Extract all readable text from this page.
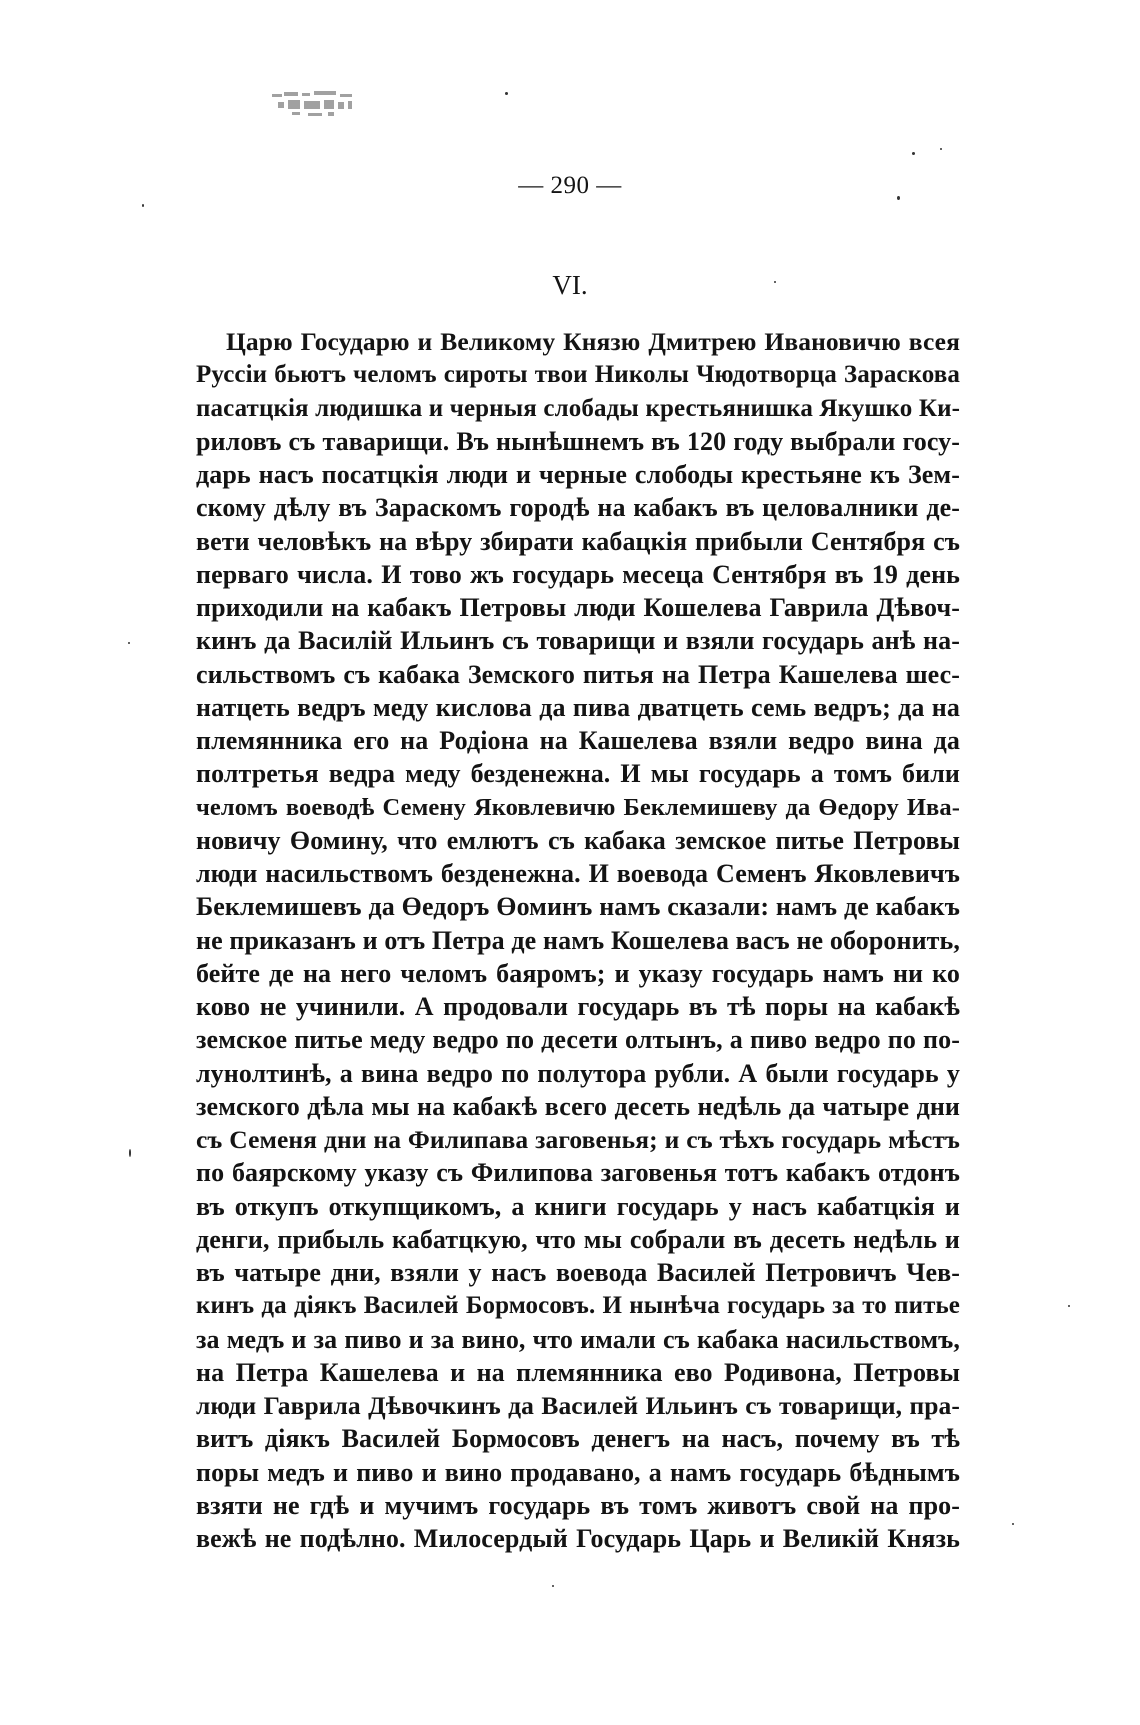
— 290 —
VI.
Царю Государю и Великому Князю Дмитрею Ивановичю всея
Руссіи бьютъ челомъ сироты твои Николы Чюдотворца Зараскова
пасатцкія людишка и черныя слобады крестьянишка Якушко Ки-
риловъ съ таварищи. Въ нынѣшнемъ въ 120 году выбрали госу-
дарь насъ посатцкія люди и черные слободы крестьяне къ Зем-
скому дѣлу въ Зараскомъ городѣ на кабакъ въ целовалники де-
вети человѣкъ на вѣру збирати кабацкія прибыли Сентября съ
перваго числа. И тово жъ государь месеца Сентября въ 19 день
приходили на кабакъ Петровы люди Кошелева Гаврила Дѣвоч-
кинъ да Василій Ильинъ съ товарищи и взяли государь анѣ на-
сильствомъ съ кабака Земского питья на Петра Кашелева шес-
натцеть ведръ меду кислова да пива дватцеть семь ведръ; да на
племянника его на Родіона на Кашелева взяли ведро вина да
полтретья ведра меду безденежна. И мы государь а томъ били
челомъ воеводѣ Семену Яковлевичю Беклемишеву да Өедору Ива-
новичу Өомину, что емлютъ съ кабака земское питье Петровы
люди насильствомъ безденежна. И воевода Семенъ Яковлевичъ
Беклемишевъ да Өедоръ Өоминъ намъ сказали: намъ де кабакъ
не приказанъ и отъ Петра де намъ Кошелева васъ не оборонить,
бейте де на него челомъ баяромъ; и указу государь намъ ни ко
ково не учинили. А продовали государь въ тѣ поры на кабакѣ
земское питье меду ведро по десети олтынъ, а пиво ведро по по-
лунолтинѣ, а вина ведро по полутора рубли. А были государь у
земского дѣла мы на кабакѣ всего десеть недѣль да чатыре дни
съ Семеня дни на Филипава заговенья; и съ тѣхъ государь мѣстъ
по баярскому указу съ Филипова заговенья тотъ кабакъ отдонъ
въ откупъ откупщикомъ, а книги государь у насъ кабатцкія и
денги, прибыль кабатцкую, что мы собрали въ десеть недѣль и
въ чатыре дни, взяли у насъ воевода Василей Петровичъ Чев-
кинъ да діякъ Василей Бормосовъ. И нынѣча государь за то питье
за медъ и за пиво и за вино, что имали съ кабака насильствомъ,
на Петра Кашелева и на племянника ево Родивона, Петровы
люди Гаврила Дѣвочкинъ да Василей Ильинъ съ товарищи, пра-
витъ діякъ Василей Бормосовъ денегъ на насъ, почему въ тѣ
поры медъ и пиво и вино продавано, а намъ государь бѣднымъ
взяти не гдѣ и мучимъ государь въ томъ животъ свой на про-
вежѣ не подѣлно. Милосердый Государь Царь и Великій Князь
